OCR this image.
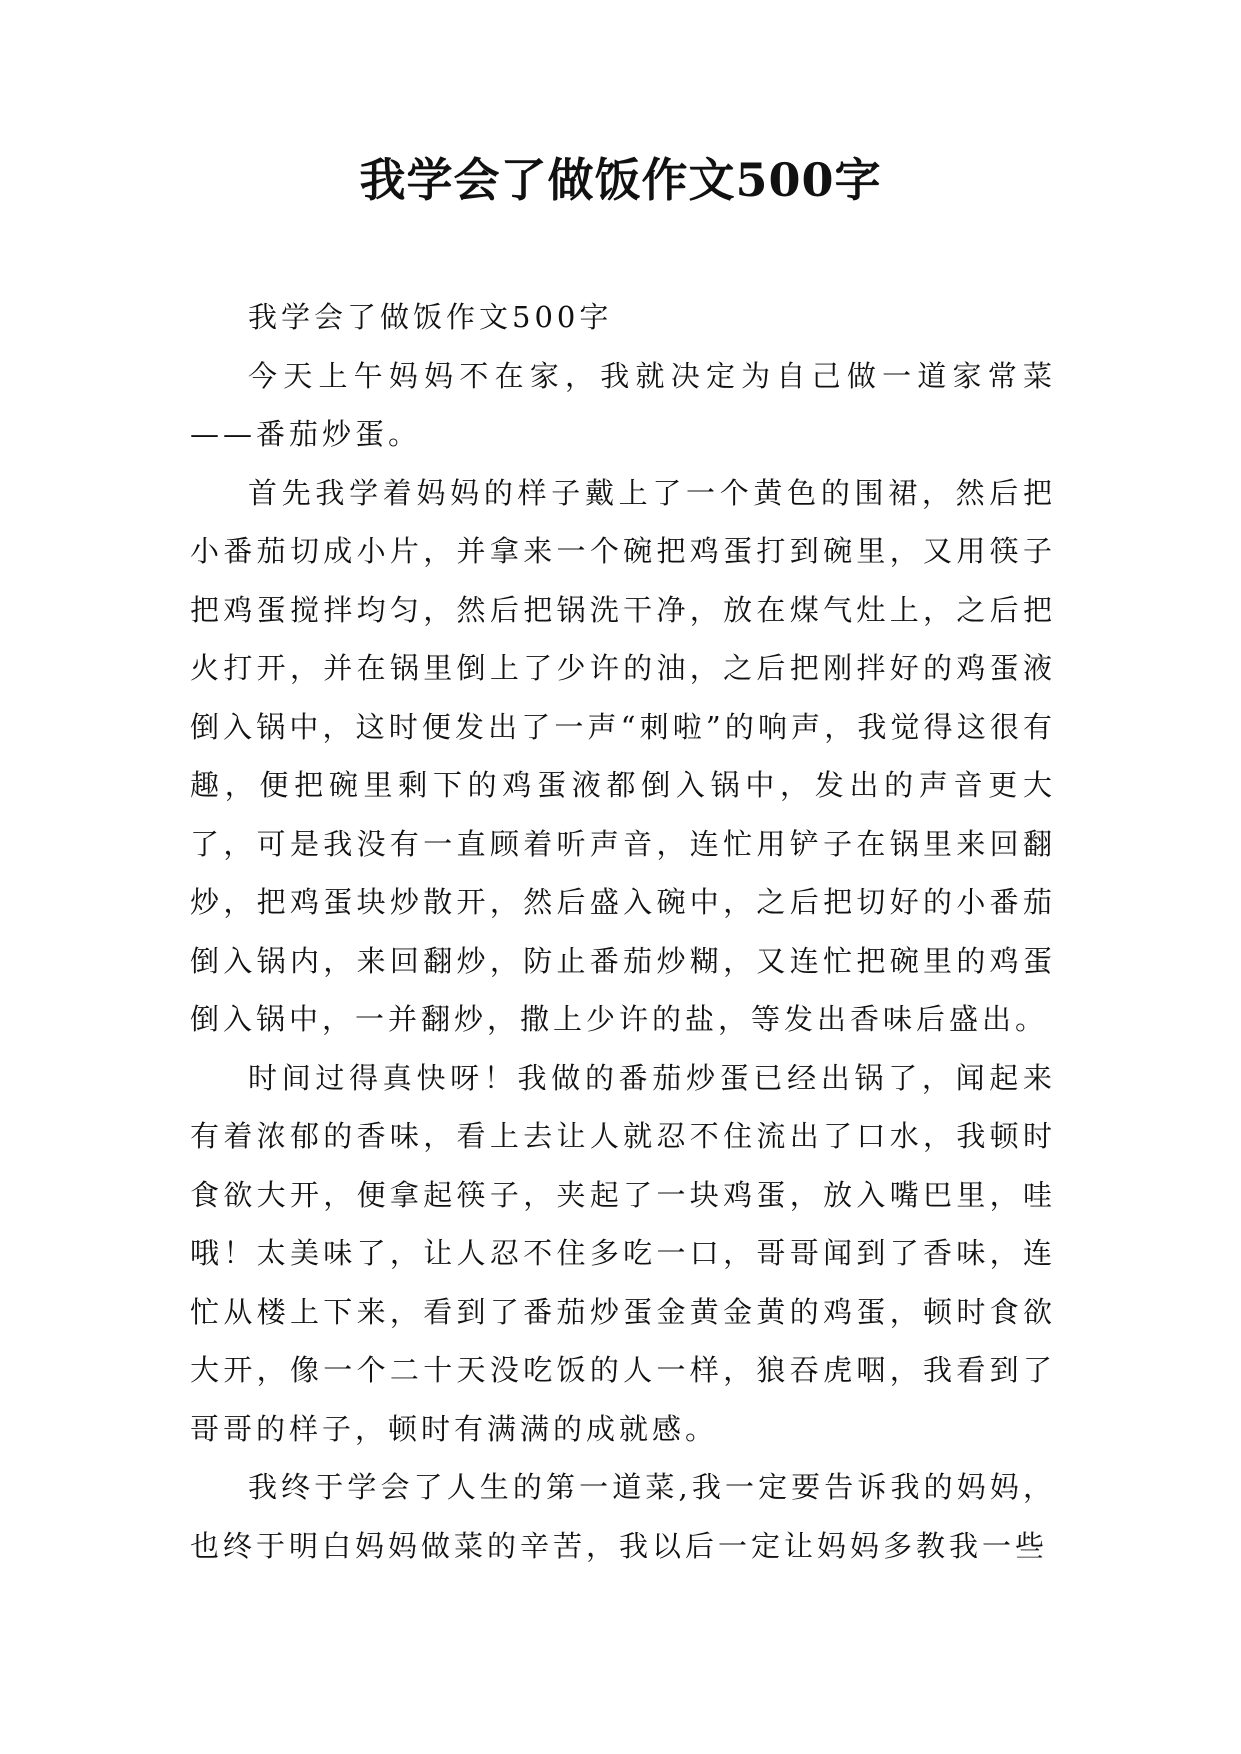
我学会了做饭作文500字

我学会了做饭作文500字

今天上午妈妈不在家，我就决定为自己做一道家常菜——番茄炒蛋。

首先我学着妈妈的样子戴上了一个黄色的围裙，然后把小番茄切成小片，并拿来一个碗把鸡蛋打到碗里，又用筷子把鸡蛋搅拌均匀，然后把锅洗干净，放在煤气灶上，之后把火打开，并在锅里倒上了少许的油，之后把刚拌好的鸡蛋液倒入锅中，这时便发出了一声“刺啦”的响声，我觉得这很有趣，便把碗里剩下的鸡蛋液都倒入锅中，发出的声音更大了，可是我没有一直顾着听声音，连忙用铲子在锅里来回翻炒，把鸡蛋块炒散开，然后盛入碗中，之后把切好的小番茄倒入锅内，来回翻炒，防止番茄炒糊，又连忙把碗里的鸡蛋倒入锅中，一并翻炒，撒上少许的盐，等发出香味后盛出。

时间过得真快呀！我做的番茄炒蛋已经出锅了，闻起来有着浓郁的香味，看上去让人就忍不住流出了口水，我顿时食欲大开，便拿起筷子，夹起了一块鸡蛋，放入嘴巴里，哇哦！太美味了，让人忍不住多吃一口，哥哥闻到了香味，连忙从楼上下来，看到了番茄炒蛋金黄金黄的鸡蛋，顿时食欲大开，像一个二十天没吃饭的人一样，狼吞虎咽，我看到了哥哥的样子，顿时有满满的成就感。

我终于学会了人生的第一道菜,我一定要告诉我的妈妈，也终于明白妈妈做菜的辛苦，我以后一定让妈妈多教我一些
